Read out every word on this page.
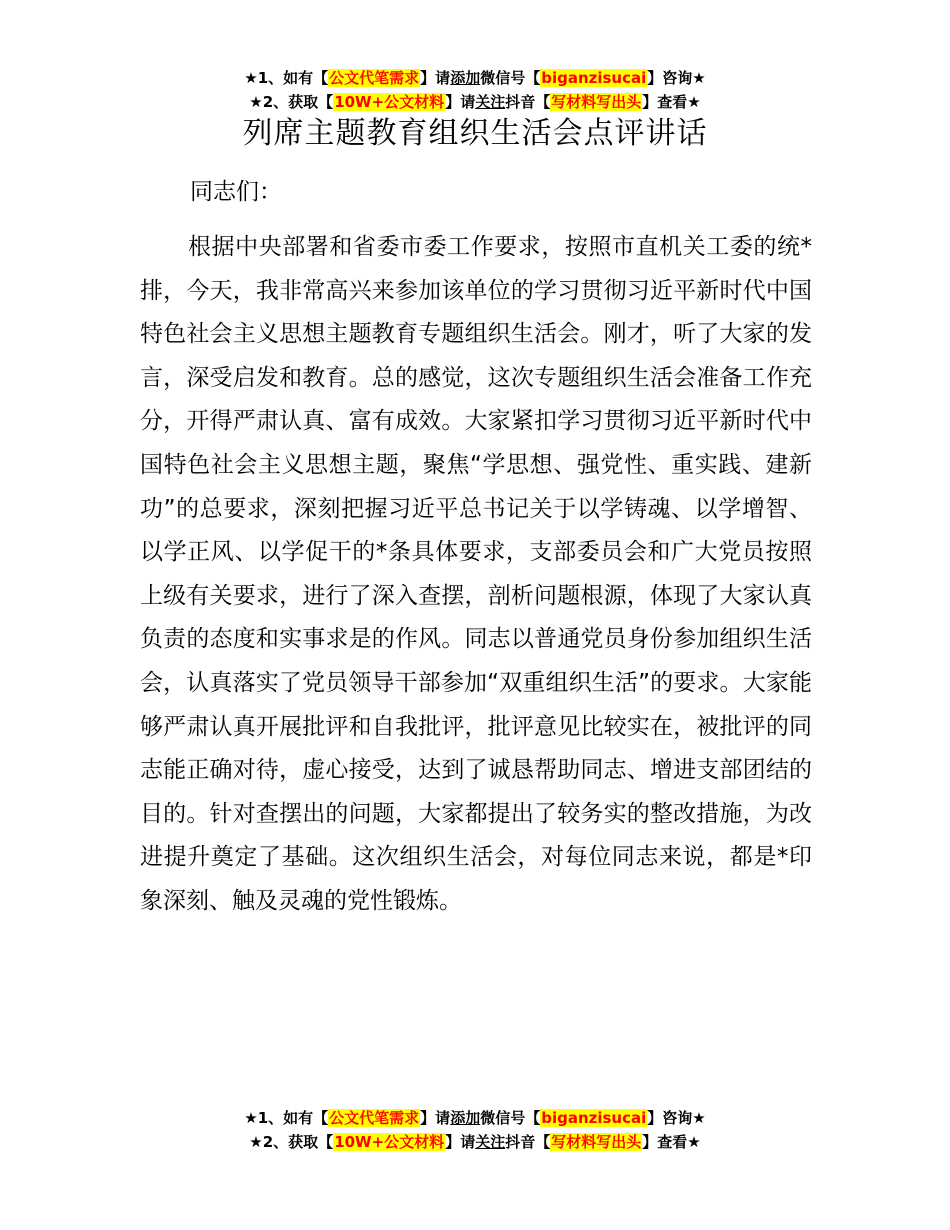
★1、如有【公文代笔需求】请添加微信号【biganzisucai】咨询★
★2、获取【10W+公文材料】请关注抖音【写材料写出头】查看★
列席主题教育组织生活会点评讲话
同志们：

根据中央部署和省委市委工作要求，按照市直机关工委的统*排，今天，我非常高兴来参加该单位的学习贯彻习近平新时代中国特色社会主义思想主题教育专题组织生活会。刚才，听了大家的发言，深受启发和教育。总的感觉，这次专题组织生活会准备工作充分，开得严肃认真、富有成效。大家紧扣学习贯彻习近平新时代中国特色社会主义思想主题，聚焦“学思想、强党性、重实践、建新功”的总要求，深刻把握习近平总书记关于以学铸魂、以学增智、以学正风、以学促干的*条具体要求，支部委员会和广大党员按照上级有关要求，进行了深入查摆，剖析问题根源，体现了大家认真负责的态度和实事求是的作风。同志以普通党员身份参加组织生活会，认真落实了党员领导干部参加“双重组织生活”的要求。大家能够严肃认真开展批评和自我批评，批评意见比较实在，被批评的同志能正确对待，虚心接受，达到了诚恳帮助同志、增进支部团结的目的。针对查摆出的问题，大家都提出了较务实的整改措施，为改进提升奠定了基础。这次组织生活会，对每位同志来说，都是*印象深刻、触及灵魂的党性锻炼。

★1、如有【公文代笔需求】请添加微信号【biganzisucai】咨询★
★2、获取【10W+公文材料】请关注抖音【写材料写出头】查看★
